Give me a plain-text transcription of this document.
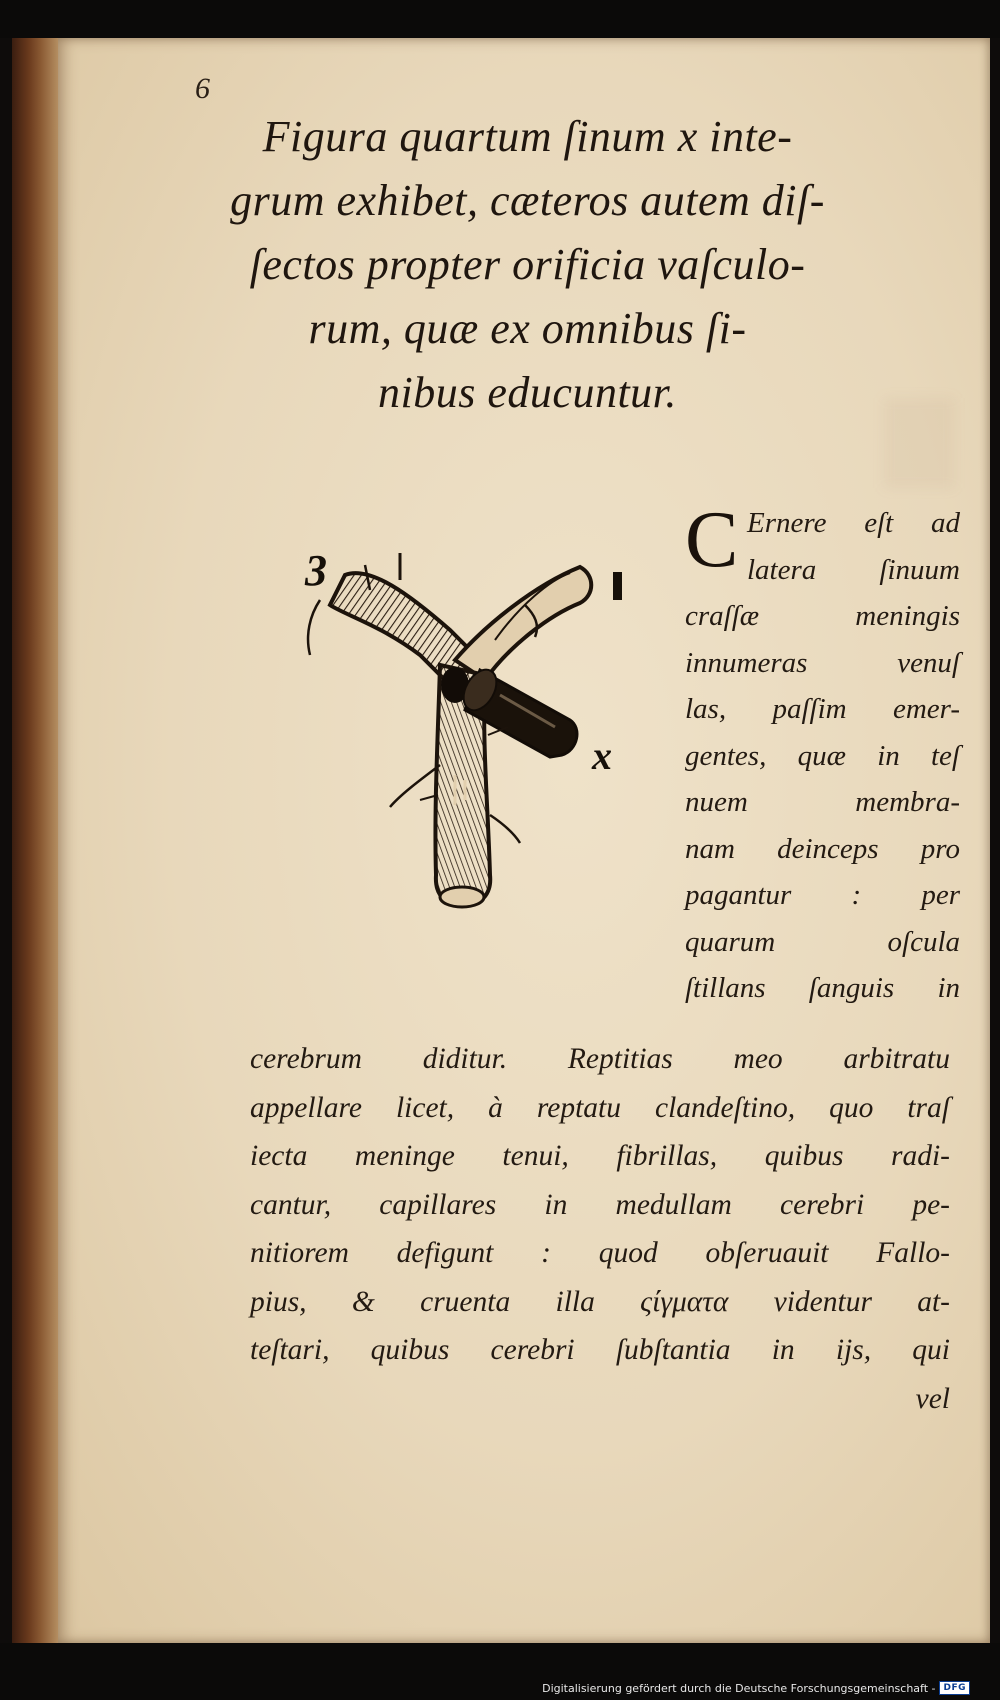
6
Figura quartum ſinum x inte-
grum exhibet, cæteros autem diſ-
ſectos propter orificia vaſculo-
rum, quæ ex omnibus ſi-
nibus educuntur.
3
x
C Ernere eſt ad
latera ſinuum
craſſæ meningis
innumeras venuſ
las, paſſim emer-
gentes, quæ in teſ
nuem membra-
nam deinceps pro
pagantur : per
quarum oſcula
ſtillans ſanguis in
cerebrum diditur. Reptitias meo arbitratu
appellare licet, à reptatu clandeſtino, quo traſ
iecta meninge tenui, fibrillas, quibus radi-
cantur, capillares in medullam cerebri pe-
nitiorem defigunt : quod obſeruauit Fallo-
pius, & cruenta illa ςίγματα videntur at-
teſtari, quibus cerebri ſubſtantia in ijs, qui
vel
Digitalisierung gefördert durch die Deutsche Forschungsgemeinschaft - DFG
